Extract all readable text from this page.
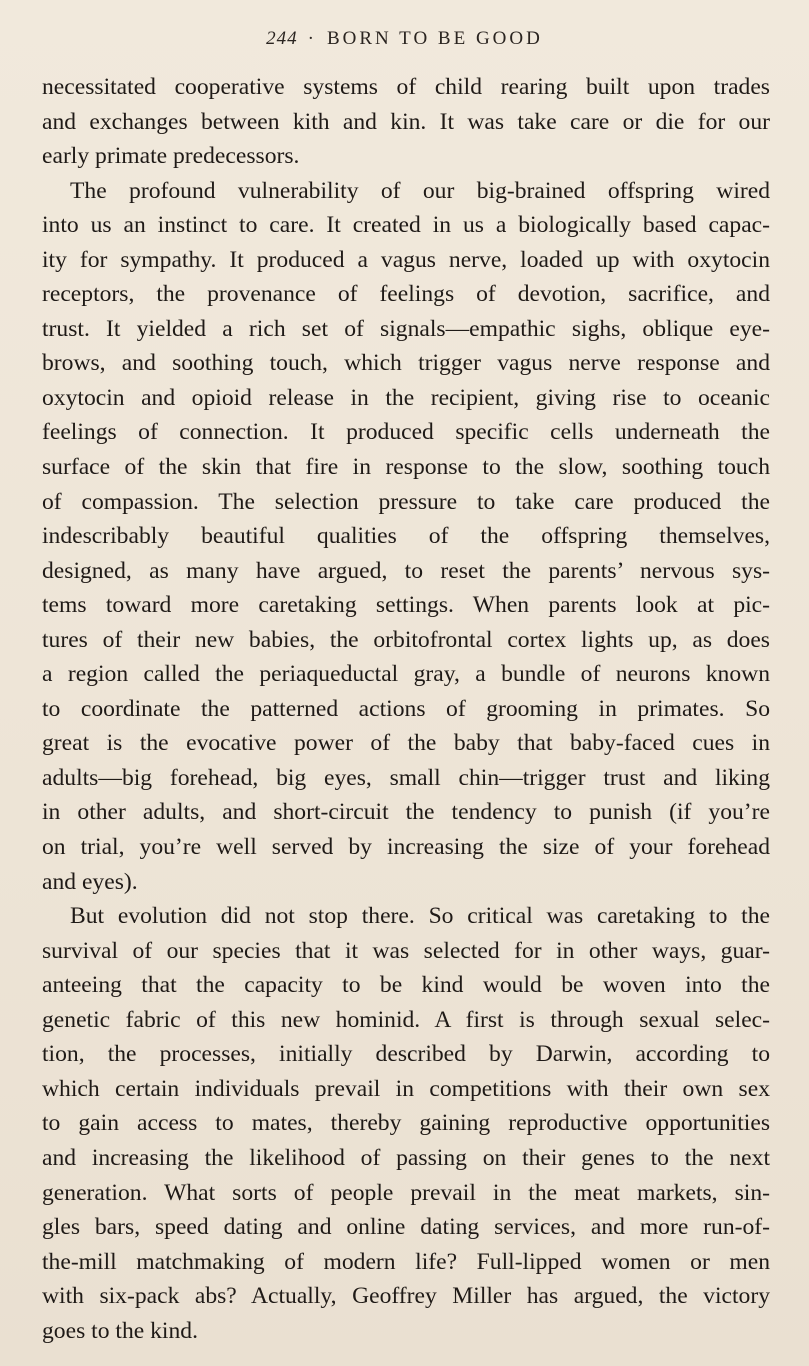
244 · BORN TO BE GOOD
necessitated cooperative systems of child rearing built upon trades
and exchanges between kith and kin. It was take care or die for our
early primate predecessors.
The profound vulnerability of our big-brained offspring wired
into us an instinct to care. It created in us a biologically based capac-
ity for sympathy. It produced a vagus nerve, loaded up with oxytocin
receptors, the provenance of feelings of devotion, sacrifice, and
trust. It yielded a rich set of signals—empathic sighs, oblique eye-
brows, and soothing touch, which trigger vagus nerve response and
oxytocin and opioid release in the recipient, giving rise to oceanic
feelings of connection. It produced specific cells underneath the
surface of the skin that fire in response to the slow, soothing touch
of compassion. The selection pressure to take care produced the
indescribably beautiful qualities of the offspring themselves,
designed, as many have argued, to reset the parents’ nervous sys-
tems toward more caretaking settings. When parents look at pic-
tures of their new babies, the orbitofrontal cortex lights up, as does
a region called the periaqueductal gray, a bundle of neurons known
to coordinate the patterned actions of grooming in primates. So
great is the evocative power of the baby that baby-faced cues in
adults—big forehead, big eyes, small chin—trigger trust and liking
in other adults, and short-circuit the tendency to punish (if you’re
on trial, you’re well served by increasing the size of your forehead
and eyes).
But evolution did not stop there. So critical was caretaking to the
survival of our species that it was selected for in other ways, guar-
anteeing that the capacity to be kind would be woven into the
genetic fabric of this new hominid. A first is through sexual selec-
tion, the processes, initially described by Darwin, according to
which certain individuals prevail in competitions with their own sex
to gain access to mates, thereby gaining reproductive opportunities
and increasing the likelihood of passing on their genes to the next
generation. What sorts of people prevail in the meat markets, sin-
gles bars, speed dating and online dating services, and more run-of-
the-mill matchmaking of modern life? Full-lipped women or men
with six-pack abs? Actually, Geoffrey Miller has argued, the victory
goes to the kind.
